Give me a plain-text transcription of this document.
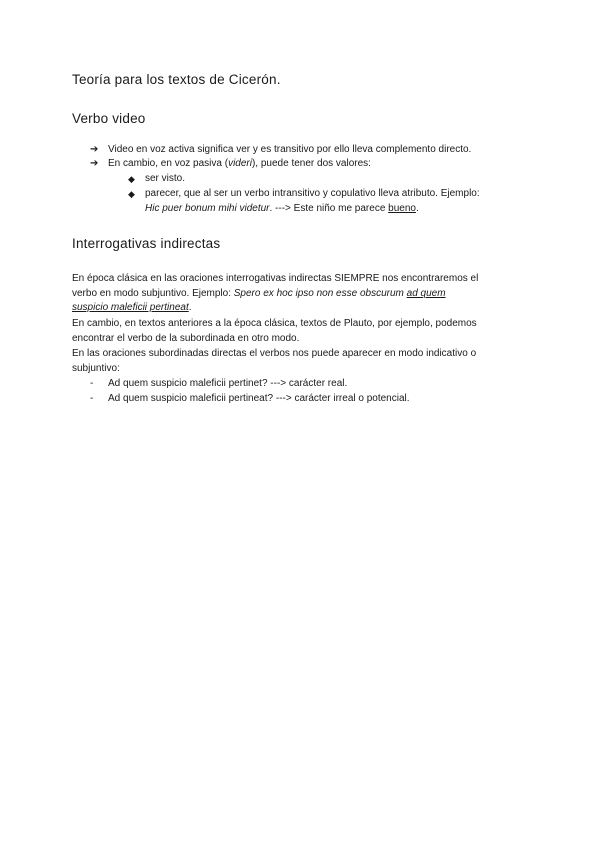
Teoría para los textos de Cicerón.
Verbo video
➔ Video en voz activa significa ver y es transitivo por ello lleva complemento directo.
➔ En cambio, en voz pasiva (videri), puede tener dos valores:
◆ ser visto.
◆ parecer, que al ser un verbo intransitivo y copulativo lleva atributo. Ejemplo:
Hic puer bonum mihi videtur. ---> Este niño me parece bueno.
Interrogativas indirectas
En época clásica en las oraciones interrogativas indirectas SIEMPRE nos encontraremos el
verbo en modo subjuntivo. Ejemplo: Spero ex hoc ipso non esse obscurum ad quem
suspicio maleficii pertineat.
En cambio, en textos anteriores a la época clásica, textos de Plauto, por ejemplo, podemos
encontrar el verbo de la subordinada en otro modo.
En las oraciones subordinadas directas el verbos nos puede aparecer en modo indicativo o
subjuntivo:
- Ad quem suspicio maleficii pertinet? ---> carácter real.
- Ad quem suspicio maleficii pertineat? ---> carácter irreal o potencial.
